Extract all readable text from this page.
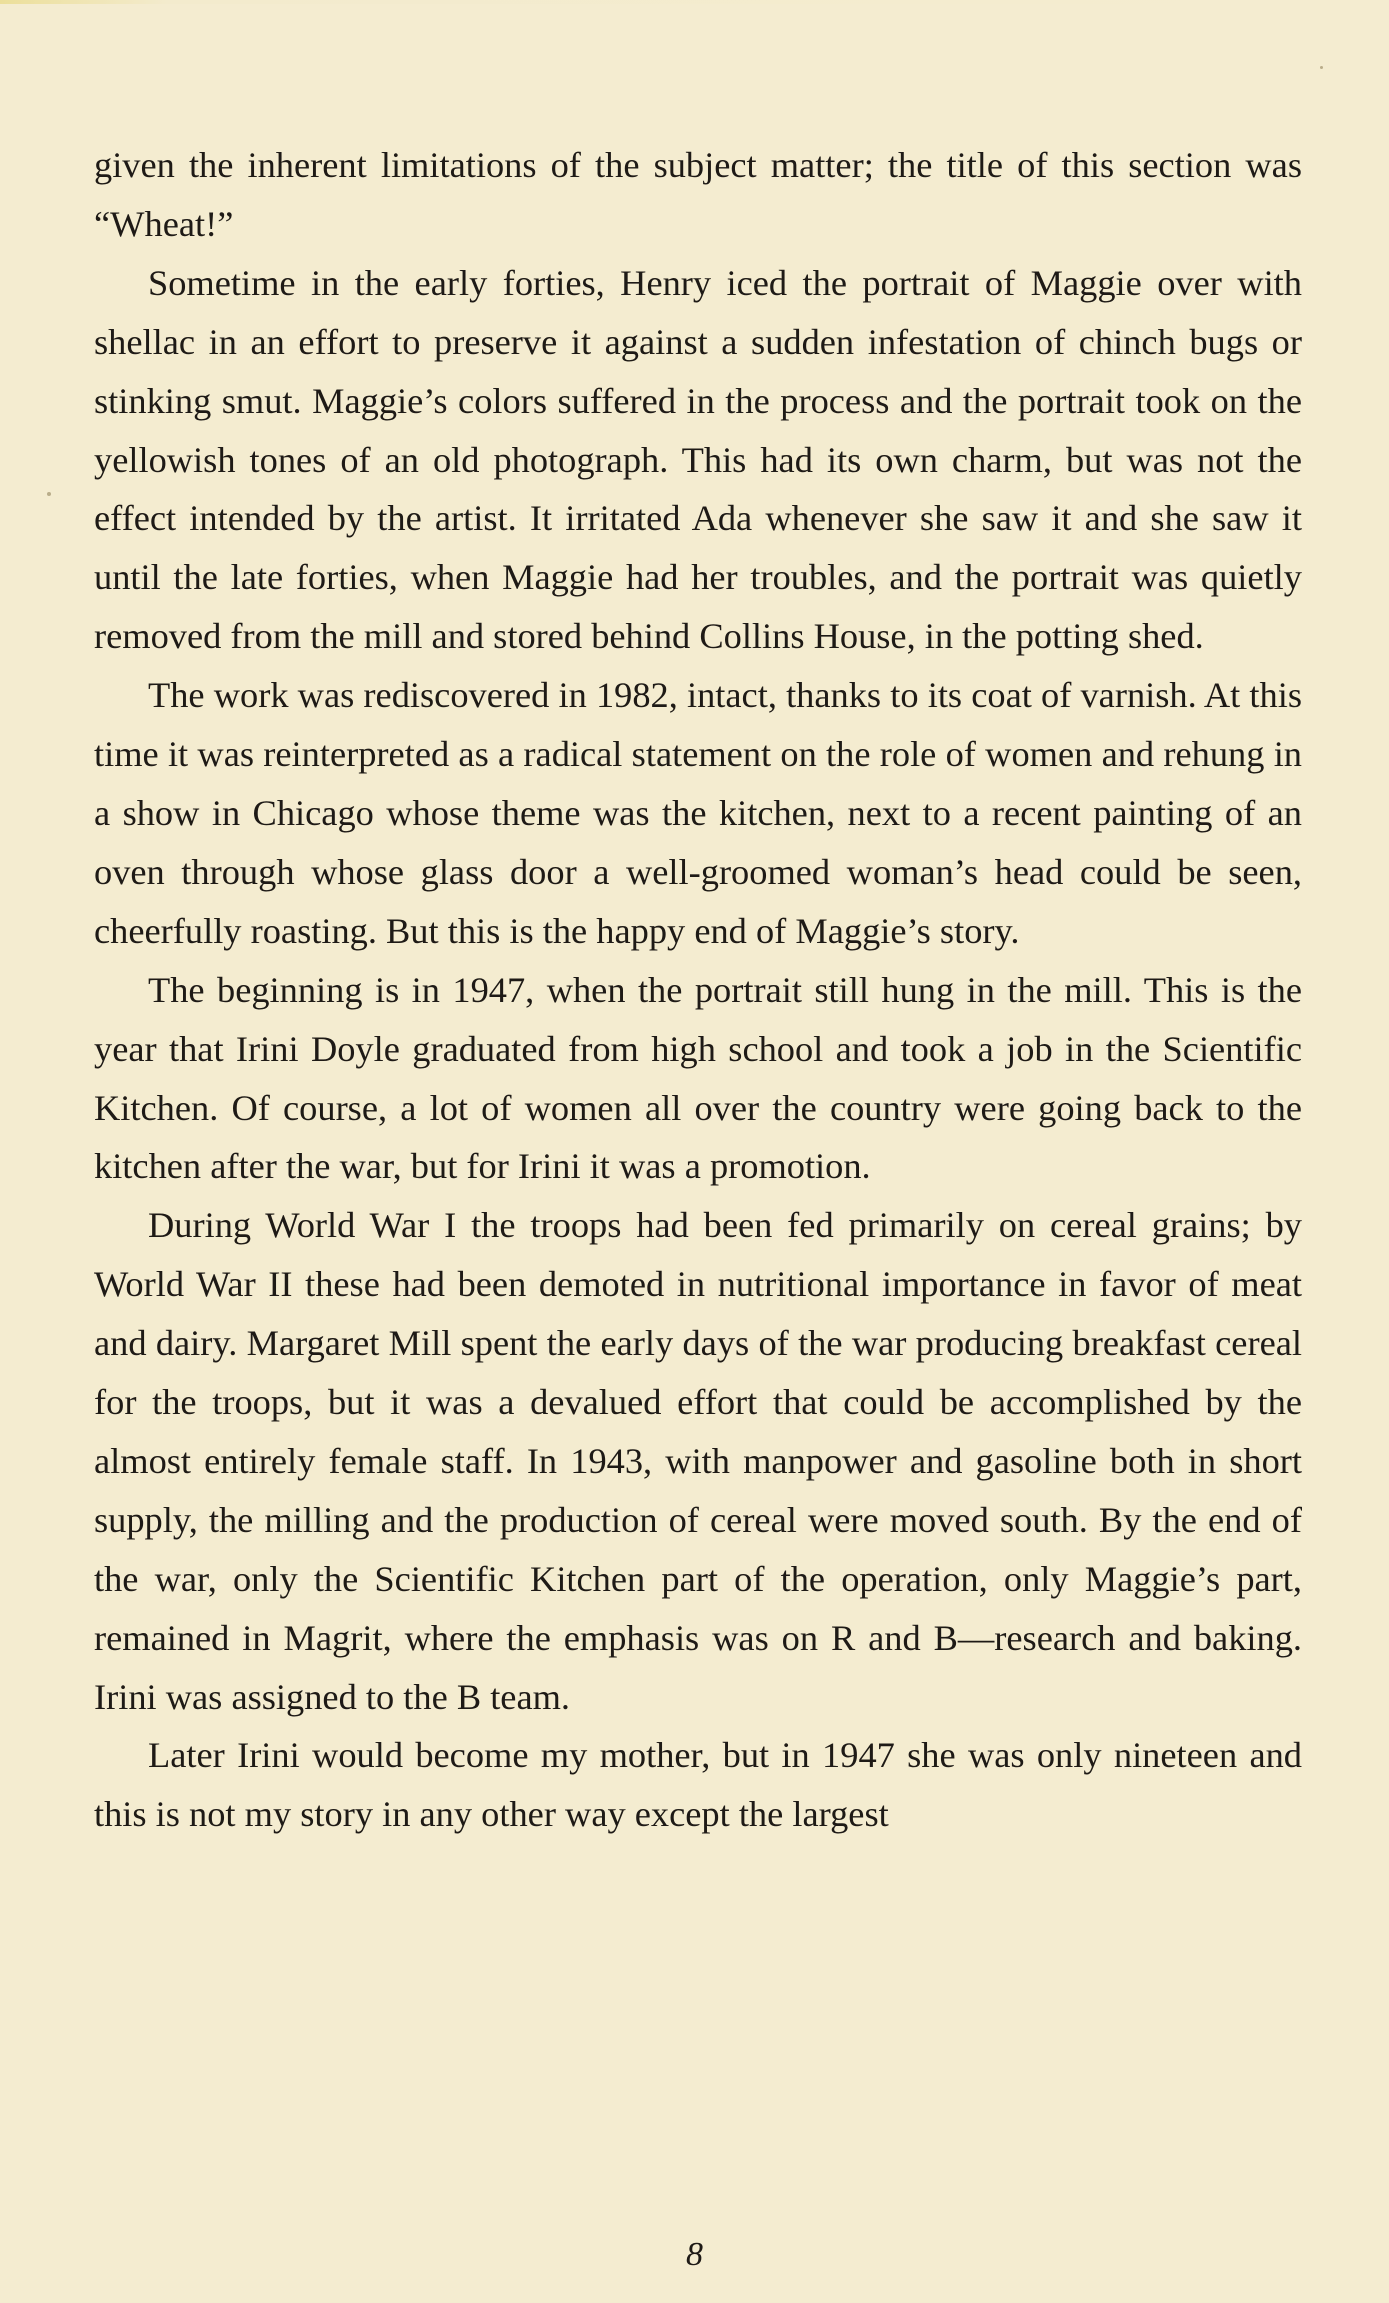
given the inherent limitations of the subject matter; the title of this section was “Wheat!”

Sometime in the early forties, Henry iced the portrait of Maggie over with shellac in an effort to preserve it against a sudden infestation of chinch bugs or stinking smut. Maggie’s colors suffered in the process and the portrait took on the yellowish tones of an old photograph. This had its own charm, but was not the effect intended by the artist. It irritated Ada whenever she saw it and she saw it until the late forties, when Maggie had her troubles, and the portrait was quietly removed from the mill and stored behind Collins House, in the potting shed.

The work was rediscovered in 1982, intact, thanks to its coat of varnish. At this time it was reinterpreted as a radical statement on the role of women and rehung in a show in Chicago whose theme was the kitchen, next to a recent painting of an oven through whose glass door a well-groomed woman’s head could be seen, cheerfully roasting. But this is the happy end of Maggie’s story.

The beginning is in 1947, when the portrait still hung in the mill. This is the year that Irini Doyle graduated from high school and took a job in the Scientific Kitchen. Of course, a lot of women all over the country were going back to the kitchen after the war, but for Irini it was a promotion.

During World War I the troops had been fed primarily on cereal grains; by World War II these had been demoted in nutritional importance in favor of meat and dairy. Margaret Mill spent the early days of the war producing breakfast cereal for the troops, but it was a devalued effort that could be accomplished by the almost entirely female staff. In 1943, with manpower and gasoline both in short supply, the milling and the production of cereal were moved south. By the end of the war, only the Scientific Kitchen part of the operation, only Maggie’s part, remained in Magrit, where the emphasis was on R and B—research and baking. Irini was assigned to the B team.

Later Irini would become my mother, but in 1947 she was only nineteen and this is not my story in any other way except the largest

8
